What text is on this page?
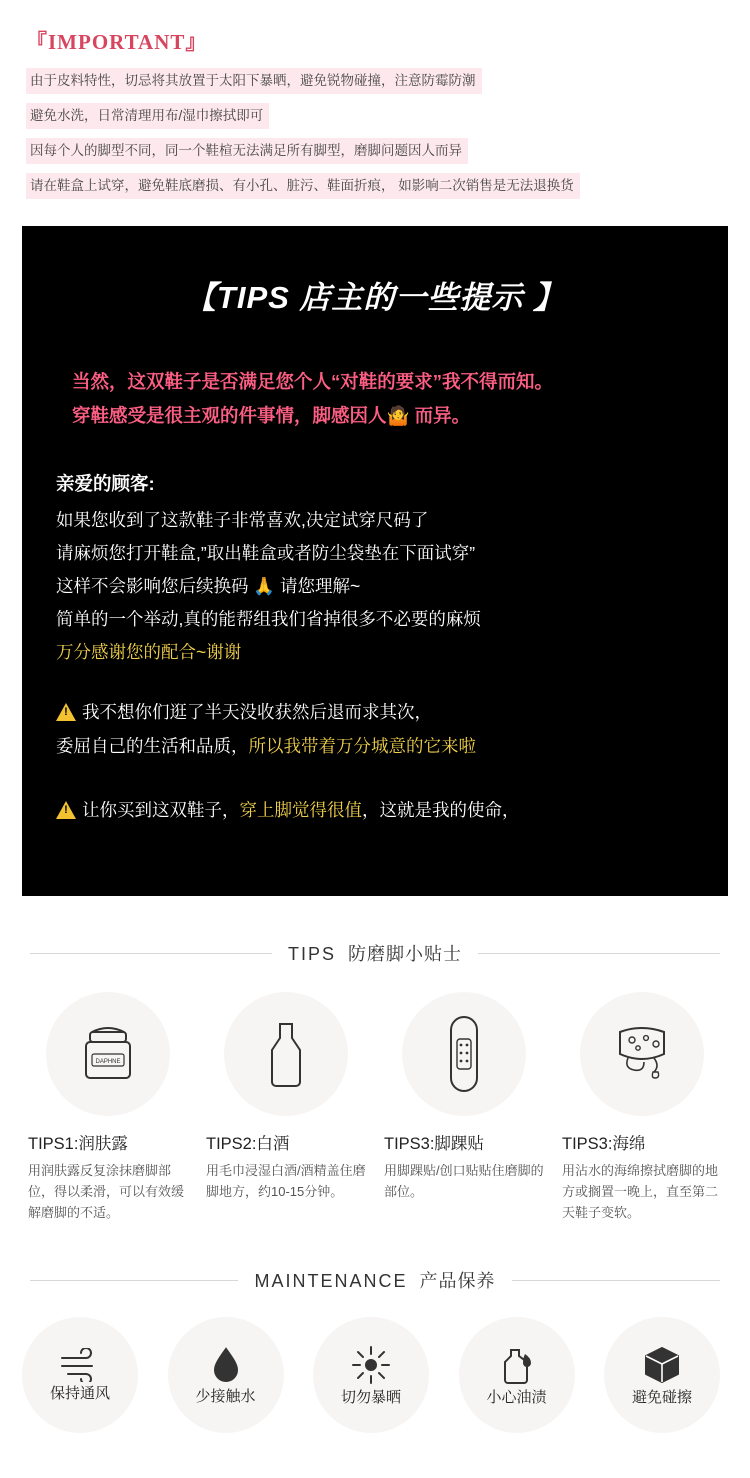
『IMPORTANT』
由于皮料特性，切忌将其放置于太阳下暴晒，避免锐物碰撞，注意防霉防潮
避免水洗，日常清理用布/湿巾擦拭即可
因每个人的脚型不同，同一个鞋楦无法满足所有脚型，磨脚问题因人而异
请在鞋盒上试穿，避免鞋底磨损、有小孔、脏污、鞋面折痕， 如影响二次销售是无法退换货
【TIPS 店主的一些提示 】
当然，这双鞋子是否满足您个人“对鞋的要求”我不得而知。
穿鞋感受是很主观的件事情，脚感因人🤷 而异。
亲爱的顾客:
如果您收到了这款鞋子非常喜欢,决定试穿尺码了
请麻烦您打开鞋盒,”取出鞋盒或者防尘袋垫在下面试穿”
这样不会影响您后续换码 🙏 请您理解~
简单的一个举动,真的能帮组我们省掉很多不必要的麻烦
万分感谢您的配合~谢谢
!我不想你们逛了半天没收获然后退而求其次，
委屈自己的生活和品质，所以我带着万分城意的它来啦
!让你买到这双鞋子，穿上脚觉得很值，这就是我的使命，
TIPS 防磨脚小贴士
DAPHNE
TIPS1:润肤露
用润肤露反复涂抹磨脚部位，得以柔滑，可以有效缓解磨脚的不适。
TIPS2:白酒
用毛巾浸湿白酒/酒精盖住磨脚地方，约10-15分钟。
TIPS3:脚踝贴
用脚踝贴/创口贴贴住磨脚的部位。
TIPS3:海绵
用沾水的海绵擦拭磨脚的地方或搁置一晚上，直至第二天鞋子变软。
MAINTENANCE 产品保养
保持通风	少接触水	切勿暴晒	小心油渍	避免碰擦
